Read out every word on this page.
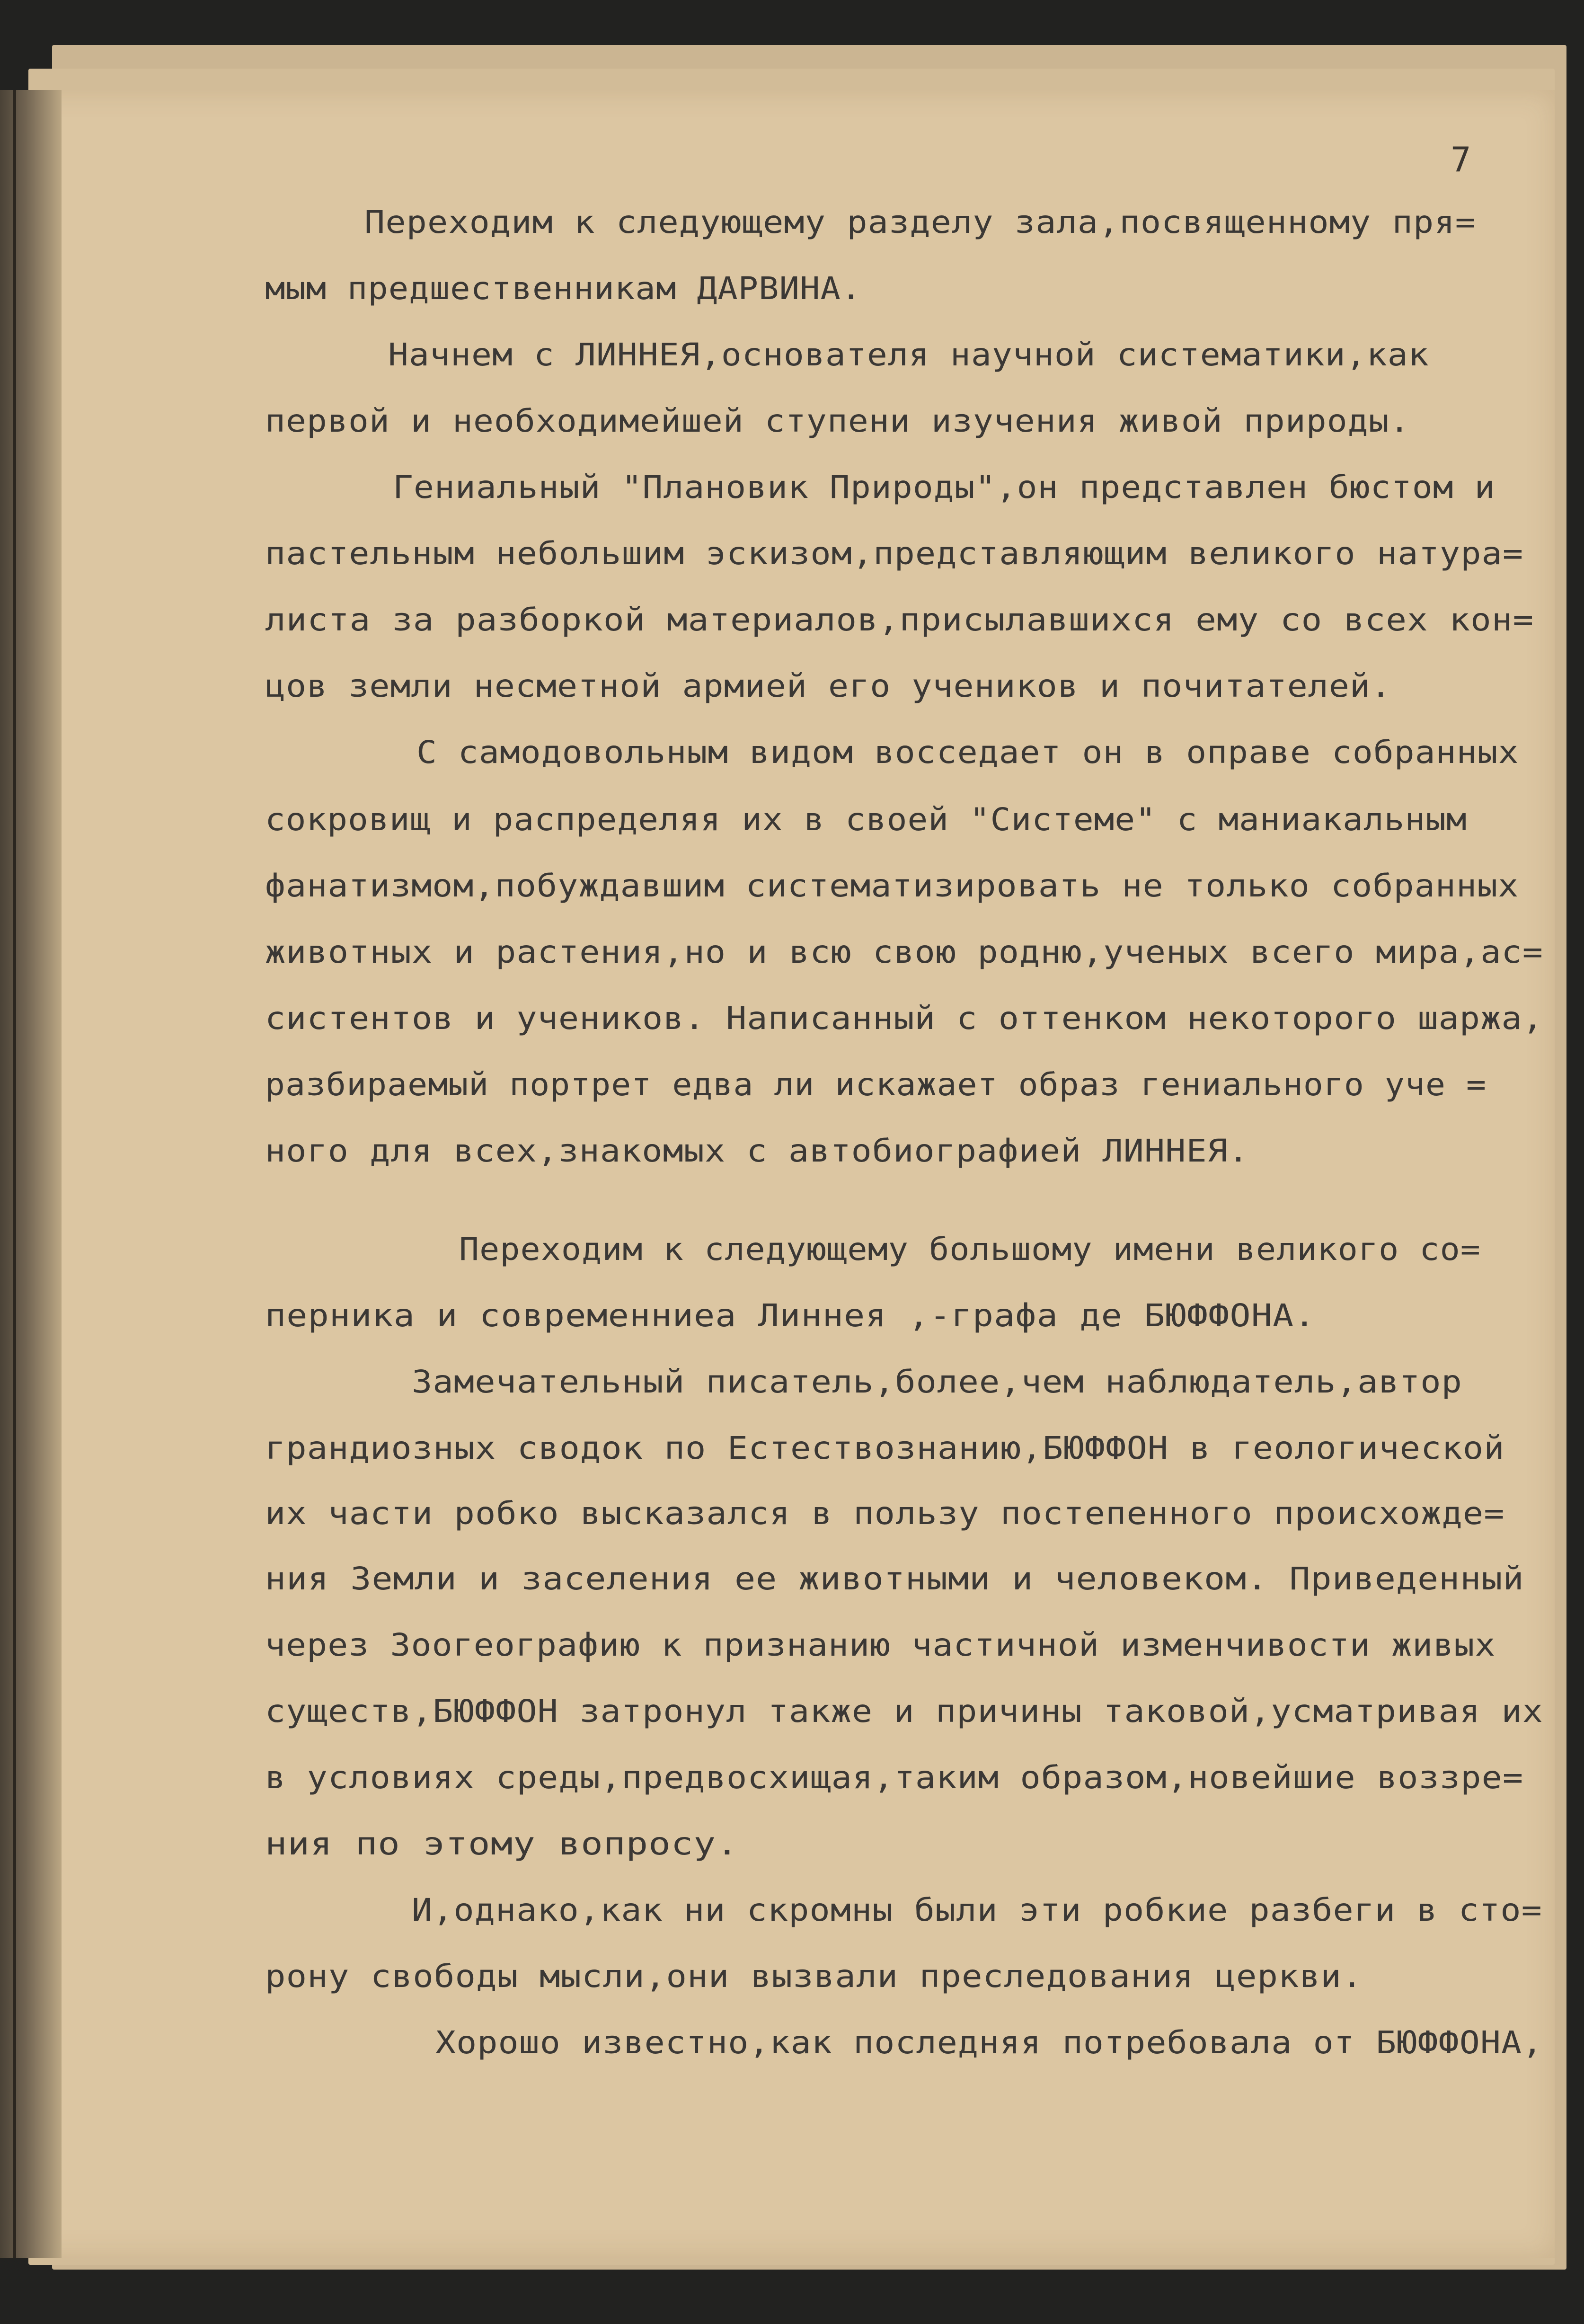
7
Переходим к следующему разделу зала,посвященному пря=
мым предшественникам ДАРВИНА.
Начнем с ЛИННЕЯ,основателя научной систематики,как
первой и необходимейшей ступени изучения живой природы.
Гениальный "Плановик Природы",он представлен бюстом и
пастельным небольшим эскизом,представляющим великого натура=
листа за разборкой материалов,присылавшихся ему со всех кон=
цов земли несметной армией его учеников и почитателей.
С самодовольным видом восседает он в оправе собранных
сокровищ и распределяя их в своей "Системе" с маниакальным
фанатизмом,побуждавшим систематизировать не только собранных
животных и растения,но и всю свою родню,ученых всего мира,ас=
систентов и учеников. Написанный с оттенком некоторого шаржа,
разбираемый портрет едва ли искажает образ гениального уче =
ного для всех,знакомых с автобиографией ЛИННЕЯ.
Переходим к следующему большому имени великого со=
перника и современниеа Линнея ,-графа де БЮФФОНА.
Замечательный писатель,более,чем наблюдатель,автор
грандиозных сводок по Естествознанию,БЮФФОН в геологической
их части робко высказался в пользу постепенного происхожде=
ния Земли и заселения ее животными и человеком. Приведенный
через Зоогеографию к признанию частичной изменчивости живых
существ,БЮФФОН затронул также и причины таковой,усматривая их
в условиях среды,предвосхищая,таким образом,новейшие воззре=
ния по этому вопросу.
И,однако,как ни скромны были эти робкие разбеги в сто=
рону свободы мысли,они вызвали преследования церкви.
Хорошо известно,как последняя потребовала от БЮФФОНА,
